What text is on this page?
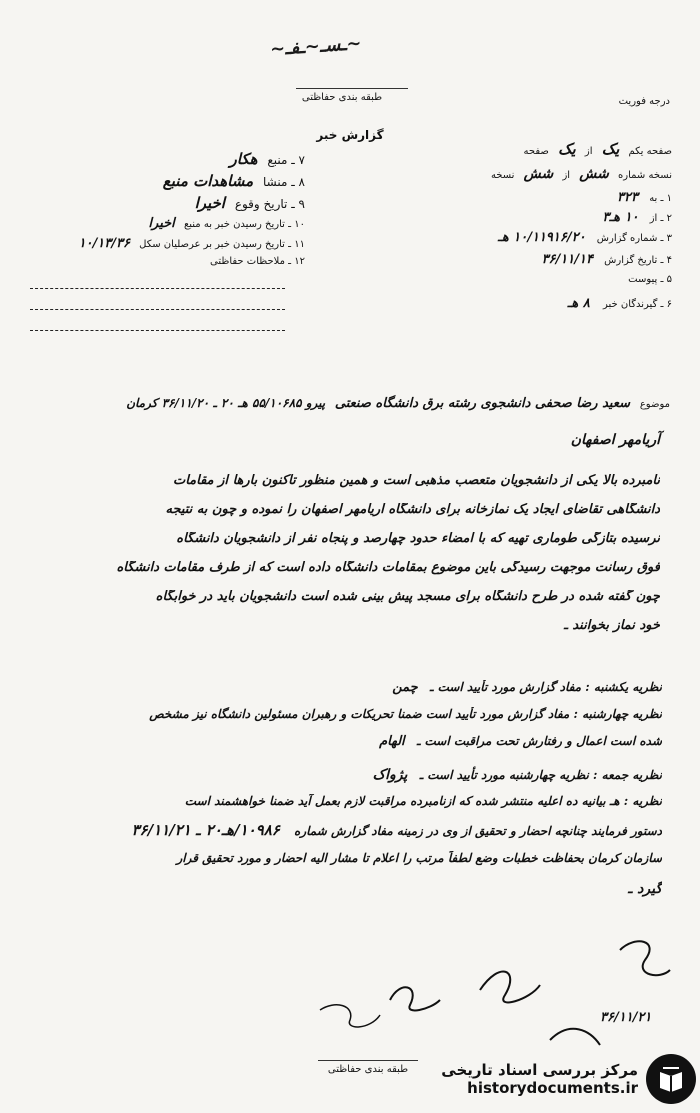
~ـسـ~ـفـ~
طبقه بندی حفاظتی	درجه فوریت
گزارش خبر
۷ ـ منبع هکار
۸ ـ منشا مشاهدات منبع
۹ ـ تاریخ وقوع اخیرا
۱۰ ـ تاریخ رسیدن خبر به منبع اخیرا
۱۱ ـ تاریخ رسیدن خبر بر عرصلیان سکل ۱۰/۱۳/۳۶
۱۲ ـ ملاحظات حفاظتی
صفحه یکم یک از یک صفحه
نسخه شماره شش از شش نسخه
۱ ـ به ۳۲۳
۲ ـ از ۱۰ هـ۳
۳ ـ شماره گزارش ۱۰/۱۱۹۱۶/۲۰ هـ
۴ ـ تاریخ گزارش ۳۶/۱۱/۱۴
۵ ـ پیوست
۶ ـ گیرندگان خبر ۸ هـ
موضوع سعید رضا صحفی دانشجوی رشته برق دانشگاه صنعتی پیرو ۵۵/۱۰۶۸۵ هـ ۲۰ ـ ۳۶/۱۱/۲۰ کرمان
آریامهر اصفهان
نامبرده بالا یکی از دانشجویان متعصب مذهبی است و همین منظور تاکنون بارها از مقامات
دانشگاهی تقاضای ایجاد یک نمازخانه برای دانشگاه آریامهر اصفهان را نموده و چون به نتیجه
نرسیده بتازگی طوماری تهیه که با امضاء حدود چهارصد و پنجاه نفر از دانشجویان دانشگاه
فوق رسانت موجهت رسیدگی باین موضوع بمقامات دانشگاه داده است که از طرف مقامات دانشگاه
چون گفته شده در طرح دانشگاه برای مسجد پیش بینی شده است دانشجویان باید در خوابگاه
خود نماز بخوانند ـ
نظریه یکشنبه : مفاد گزارش مورد تأیید است ـ چمن
نظریه چهارشنبه : مفاد گزارش مورد تأیید است ضمنا تحریکات و رهبران مسئولین دانشگاه نیز مشخص
شده است اعمال و رفتارش تحت مراقبت است ـ الهام
نظریه جمعه : نظریه چهارشنبه مورد تأیید است ـ پژواک
نظریه : هـ بیانیه ده اعلیه منتشر شده که ازنامبرده مراقبت لازم بعمل آید ضمنا خواهشمند است
دستور فرمایند چنانچه احضار و تحقیق از وی در زمینه مفاد گزارش شماره ۱۰۹۸۶/هـ۲۰ ـ ۳۶/۱۱/۲۱
سازمان کرمان بحفاظت خطبات وضع لطفاً مرتب را اعلام تا مشار الیه احضار و مورد تحقیق قرار
گیرد ـ
۳۶/۱۱/۲۱
طبقه بندی حفاظتی	مرکز بررسی اسناد تاریخی
historydocuments.ir
